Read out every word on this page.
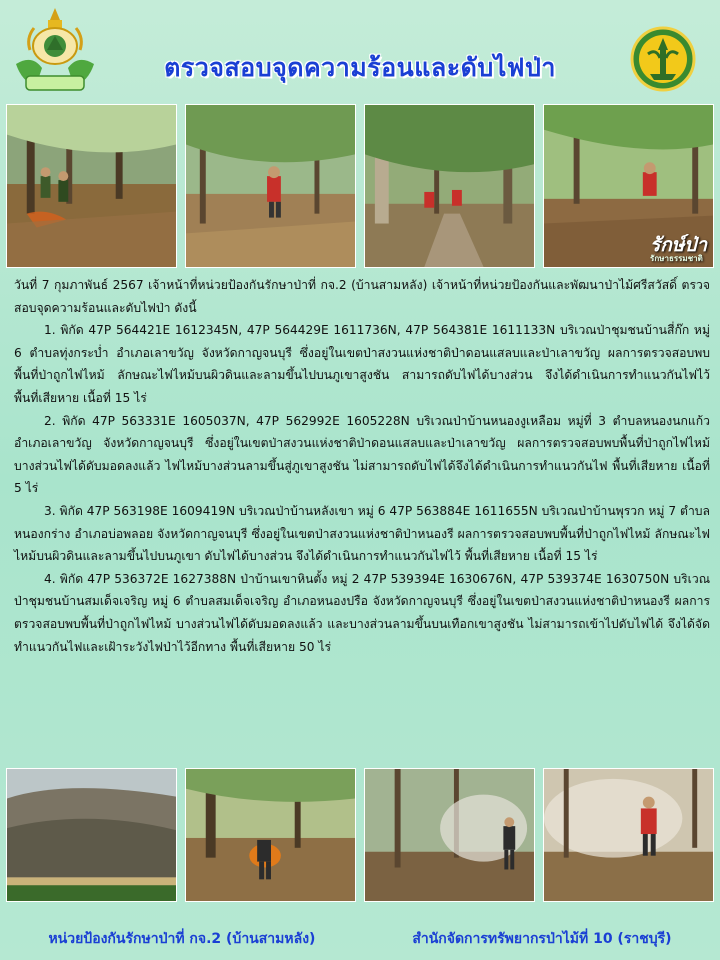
ตรวจสอบจุดความร้อนและดับไฟป่า
รักษ์ป่า
รักษาธรรมชาติ

วันที่ 7 กุมภาพันธ์ 2567 เจ้าหน้าที่หน่วยป้องกันรักษาป่าที่ กจ.2 (บ้านสามหลัง) เจ้าหน้าที่หน่วยป้องกันและพัฒนาป่าไม้ศรีสวัสดิ์ ตรวจสอบจุดความร้อนและดับไฟป่า ดังนี้

1. พิกัด 47P 564421E 1612345N, 47P 564429E 1611736N, 47P 564381E 1611133N บริเวณป่าชุมชนบ้านสี่ก๊ก หมู่ 6 ตำบลทุ่งกระบ่ำ อำเภอเลาขวัญ จังหวัดกาญจนบุรี ซึ่งอยู่ในเขตป่าสงวนแห่งชาติป่าดอนแสลบและป่าเลาขวัญ ผลการตรวจสอบพบพื้นที่ป่าถูกไฟไหม้ ลักษณะไฟไหม้บนผิวดินและลามขึ้นไปบนภูเขาสูงชัน สามารถดับไฟได้บางส่วน จึงได้ดำเนินการทำแนวกันไฟไว้ พื้นที่เสียหาย เนื้อที่ 15 ไร่

2. พิกัด 47P 563331E 1605037N, 47P 562992E 1605228N บริเวณป่าบ้านหนองงูเหลือม หมู่ที่ 3 ตำบลหนองนกแก้ว อำเภอเลาขวัญ จังหวัดกาญจนบุรี ซึ่งอยู่ในเขตป่าสงวนแห่งชาติป่าดอนแสลบและป่าเลาขวัญ ผลการตรวจสอบพบพื้นที่ป่าถูกไฟไหม้ บางส่วนไฟได้ดับมอดลงแล้ว ไฟไหม้บางส่วนลามขึ้นสู่ภูเขาสูงชัน ไม่สามารถดับไฟได้จึงได้ดำเนินการทำแนวกันไฟ พื้นที่เสียหาย เนื้อที่ 5 ไร่

3. พิกัด 47P 563198E 1609419N บริเวณป่าบ้านหลังเขา หมู่ 6 47P 563884E 1611655N บริเวณป่าบ้านพุรวก หมู่ 7 ตำบลหนองกร่าง อำเภอบ่อพลอย จังหวัดกาญจนบุรี ซึ่งอยู่ในเขตป่าสงวนแห่งชาติป่าหนองรี ผลการตรวจสอบพบพื้นที่ป่าถูกไฟไหม้ ลักษณะไฟไหม้บนผิวดินและลามขึ้นไปบนภูเขา ดับไฟได้บางส่วน จึงได้ดำเนินการทำแนวกันไฟไว้ พื้นที่เสียหาย เนื้อที่ 15 ไร่

4. พิกัด 47P 536372E 1627388N ป่าบ้านเขาหินตั้ง หมู่ 2 47P 539394E 1630676N, 47P 539374E 1630750N บริเวณป่าชุมชนบ้านสมเด็จเจริญ หมู่ 6 ตำบลสมเด็จเจริญ อำเภอหนองปรือ จังหวัดกาญจนบุรี ซึ่งอยู่ในเขตป่าสงวนแห่งชาติป่าหนองรี ผลการตรวจสอบพบพื้นที่ป่าถูกไฟไหม้ บางส่วนไฟได้ดับมอดลงแล้ว และบางส่วนลามขึ้นบนเทือกเขาสูงชัน ไม่สามารถเข้าไปดับไฟได้ จึงได้จัดทำแนวกันไฟและเฝ้าระวังไฟป่าไว้อีกทาง พื้นที่เสียหาย 50 ไร่

หน่วยป้องกันรักษาป่าที่ กจ.2 (บ้านสามหลัง)	สำนักจัดการทรัพยากรป่าไม้ที่ 10 (ราชบุรี)
